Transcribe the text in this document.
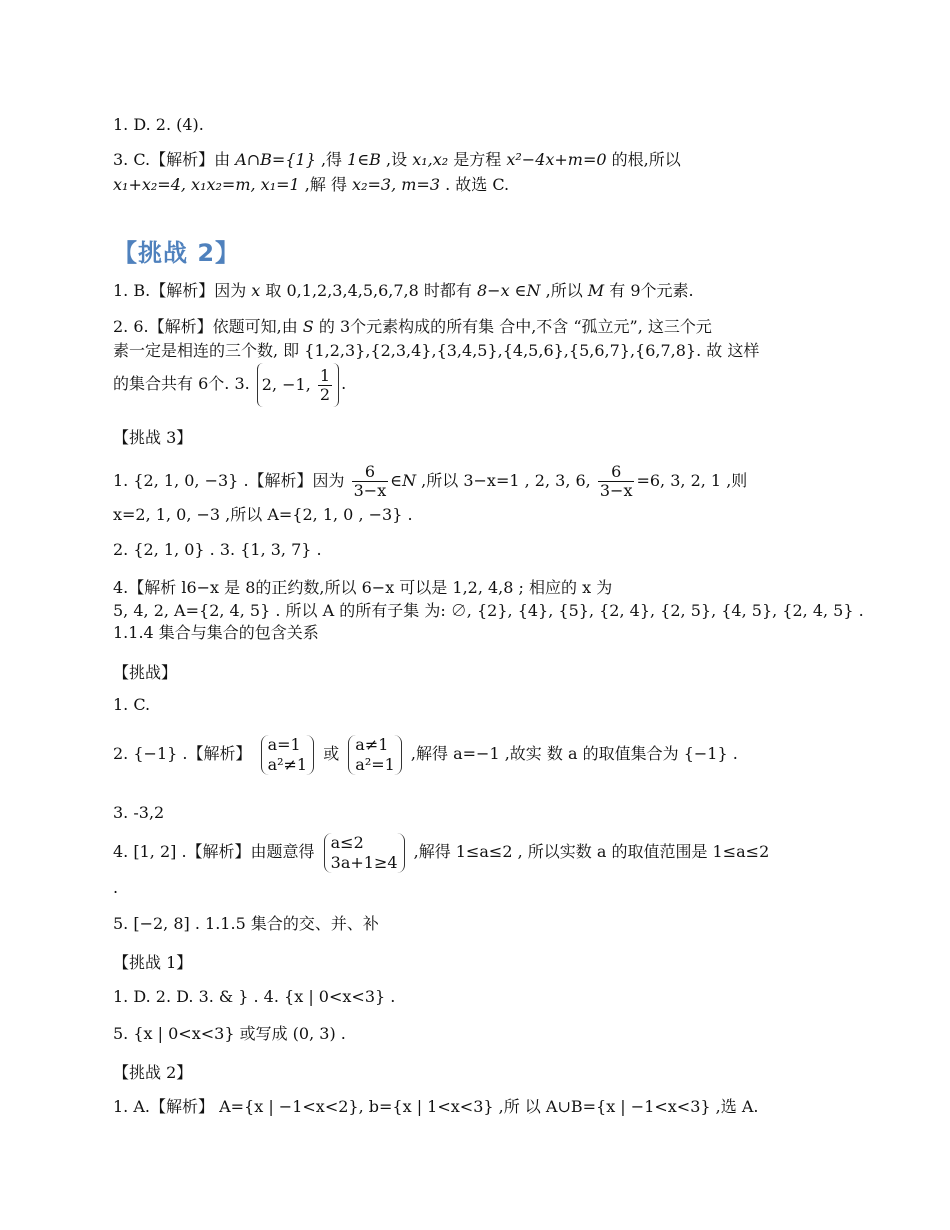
1. D. 2. (4).
3. C.【解析】由 A∩B={1} ,得 1∈B ,设 x₁,x₂ 是方程 x²−4x+m=0 的根,所以
x₁+x₂=4, x₁x₂=m, x₁=1 ,解 得 x₂=3, m=3 . 故选 C.
【挑战 2】
1. B.【解析】因为 x 取 0,1,2,3,4,5,6,7,8 时都有 8−x ∈N ,所以 M 有 9个元素.
2. 6.【解析】依题可知,由 S 的 3个元素构成的所有集 合中,不含 “孤立元”, 这三个元
素一定是相连的三个数, 即 {1,2,3},{2,3,4},{3,4,5},{4,5,6},{5,6,7},{6,7,8}. 故 这样
的集合共有 6个. 3. 2, −1, $\frac{1}{2}$ .
【挑战 3】
1. {2, 1, 0, −3} .【解析】因为 $\frac{6}{3-x}$ ∈N ,所以 3−x=1 , 2, 3, 6, $\frac{6}{3-x} =6$, 3, 2, 1 ,则
x=2, 1, 0, −3 ,所以 A={2, 1, 0 , −3} .
2. {2, 1, 0} . 3. {1, 3, 7} .
4.【解析 l6−x 是 8的正约数,所以 6−x 可以是 1,2, 4,8 ; 相应的 x 为
5, 4, 2, A={2, 4, 5} . 所以 A 的所有子集 为: ∅, {2}, {4}, {5}, {2, 4}, {2, 5}, {4, 5}, {2, 4, 5} .
1.1.4 集合与集合的包含关系
【挑战】
1. C.
2. {−1} .【解析】 a=1
a²≠1
或 a≠1
a²=1
,解得 a=−1 ,故实 数 a 的取值集合为 {−1} .
3. -3,2
4. [1, 2] .【解析】由题意得 a≤2
3a+1≥4
,解得 1≤a≤2 , 所以实数 a 的取值范围是 1≤a≤2
.
5. [−2, 8] . 1.1.5 集合的交、并、补
【挑战 1】
1. D. 2. D. 3. & } . 4. {x | 0<x<3} .
5. {x | 0<x<3} 或写成 (0, 3) .
【挑战 2】
1. A.【解析】 A={x | −1<x<2}, b={x | 1<x<3} ,所 以 A∪B={x | −1<x<3} ,选 A.
